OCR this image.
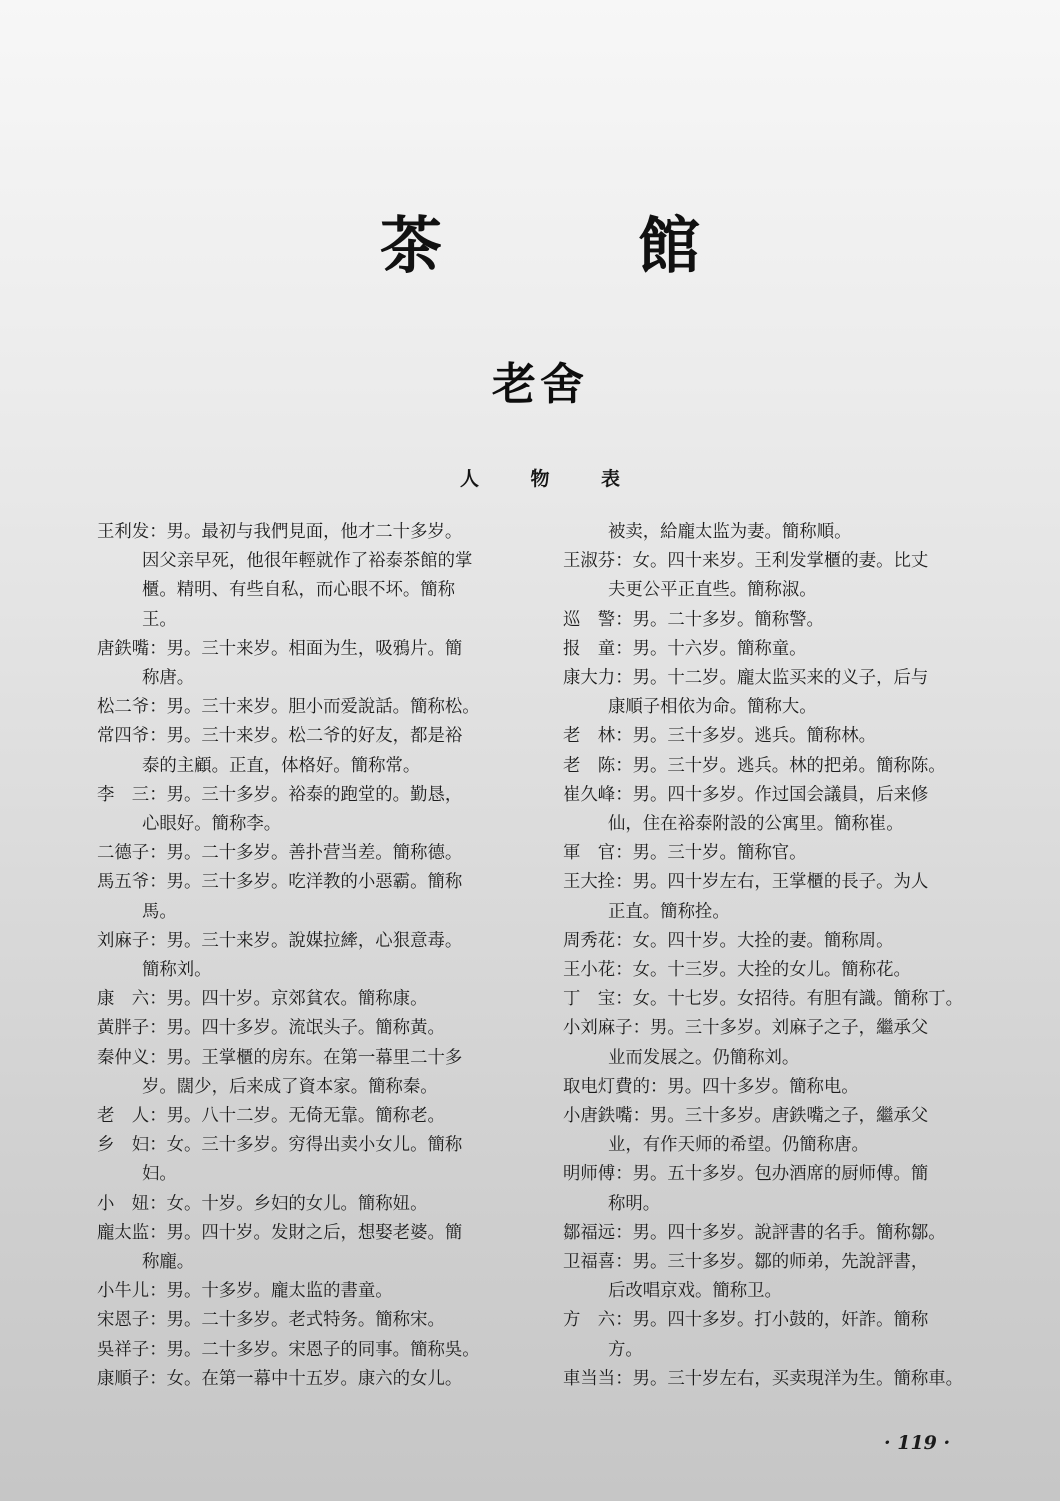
茶	館
老舍
人	物	表
王利发：男。最初与我們見面，他才二十多岁。
因父亲早死，他很年輕就作了裕泰茶館的掌
櫃。精明、有些自私，而心眼不坏。簡称
王。
唐鉄嘴：男。三十来岁。相面为生，吸鴉片。簡
称唐。
松二爷：男。三十来岁。胆小而爱說話。簡称松。
常四爷：男。三十来岁。松二爷的好友，都是裕
泰的主顧。正直，体格好。簡称常。
李　三：男。三十多岁。裕泰的跑堂的。勤恳，
心眼好。簡称李。
二德子：男。二十多岁。善扑营当差。簡称德。
馬五爷：男。三十多岁。吃洋教的小惡霸。簡称
馬。
刘麻子：男。三十来岁。說媒拉縴，心狠意毒。
簡称刘。
康　六：男。四十岁。京郊貧农。簡称康。
黃胖子：男。四十多岁。流氓头子。簡称黃。
秦仲义：男。王掌櫃的房东。在第一幕里二十多
岁。闊少，后来成了資本家。簡称秦。
老　人：男。八十二岁。无倚无靠。簡称老。
乡　妇：女。三十多岁。穷得出卖小女儿。簡称
妇。
小　妞：女。十岁。乡妇的女儿。簡称妞。
龐太监：男。四十岁。发財之后，想娶老婆。簡
称龐。
小牛儿：男。十多岁。龐太监的書童。
宋恩子：男。二十多岁。老式特务。簡称宋。
吳祥子：男。二十多岁。宋恩子的同事。簡称吳。
康順子：女。在第一幕中十五岁。康六的女儿。
被卖，給龐太监为妻。簡称順。
王淑芬：女。四十来岁。王利发掌櫃的妻。比丈
夫更公平正直些。簡称淑。
巡　警：男。二十多岁。簡称警。
报　童：男。十六岁。簡称童。
康大力：男。十二岁。龐太监买来的义子，后与
康順子相依为命。簡称大。
老　林：男。三十多岁。逃兵。簡称林。
老　陈：男。三十岁。逃兵。林的把弟。簡称陈。
崔久峰：男。四十多岁。作过国会議員，后来修
仙，住在裕泰附設的公寓里。簡称崔。
軍　官：男。三十岁。簡称官。
王大拴：男。四十岁左右，王掌櫃的長子。为人
正直。簡称拴。
周秀花：女。四十岁。大拴的妻。簡称周。
王小花：女。十三岁。大拴的女儿。簡称花。
丁　宝：女。十七岁。女招待。有胆有識。簡称丁。
小刘麻子：男。三十多岁。刘麻子之子，繼承父
业而发展之。仍簡称刘。
取电灯費的：男。四十多岁。簡称电。
小唐鉄嘴：男。三十多岁。唐鉄嘴之子，繼承父
业，有作天师的希望。仍簡称唐。
明师傅：男。五十多岁。包办酒席的厨师傅。簡
称明。
鄒福远：男。四十多岁。說評書的名手。簡称鄒。
卫福喜：男。三十多岁。鄒的师弟，先說評書，
后改唱京戏。簡称卫。
方　六：男。四十多岁。打小鼓的，奸詐。簡称
方。
車当当：男。三十岁左右，买卖現洋为生。簡称車。
· 119 ·
